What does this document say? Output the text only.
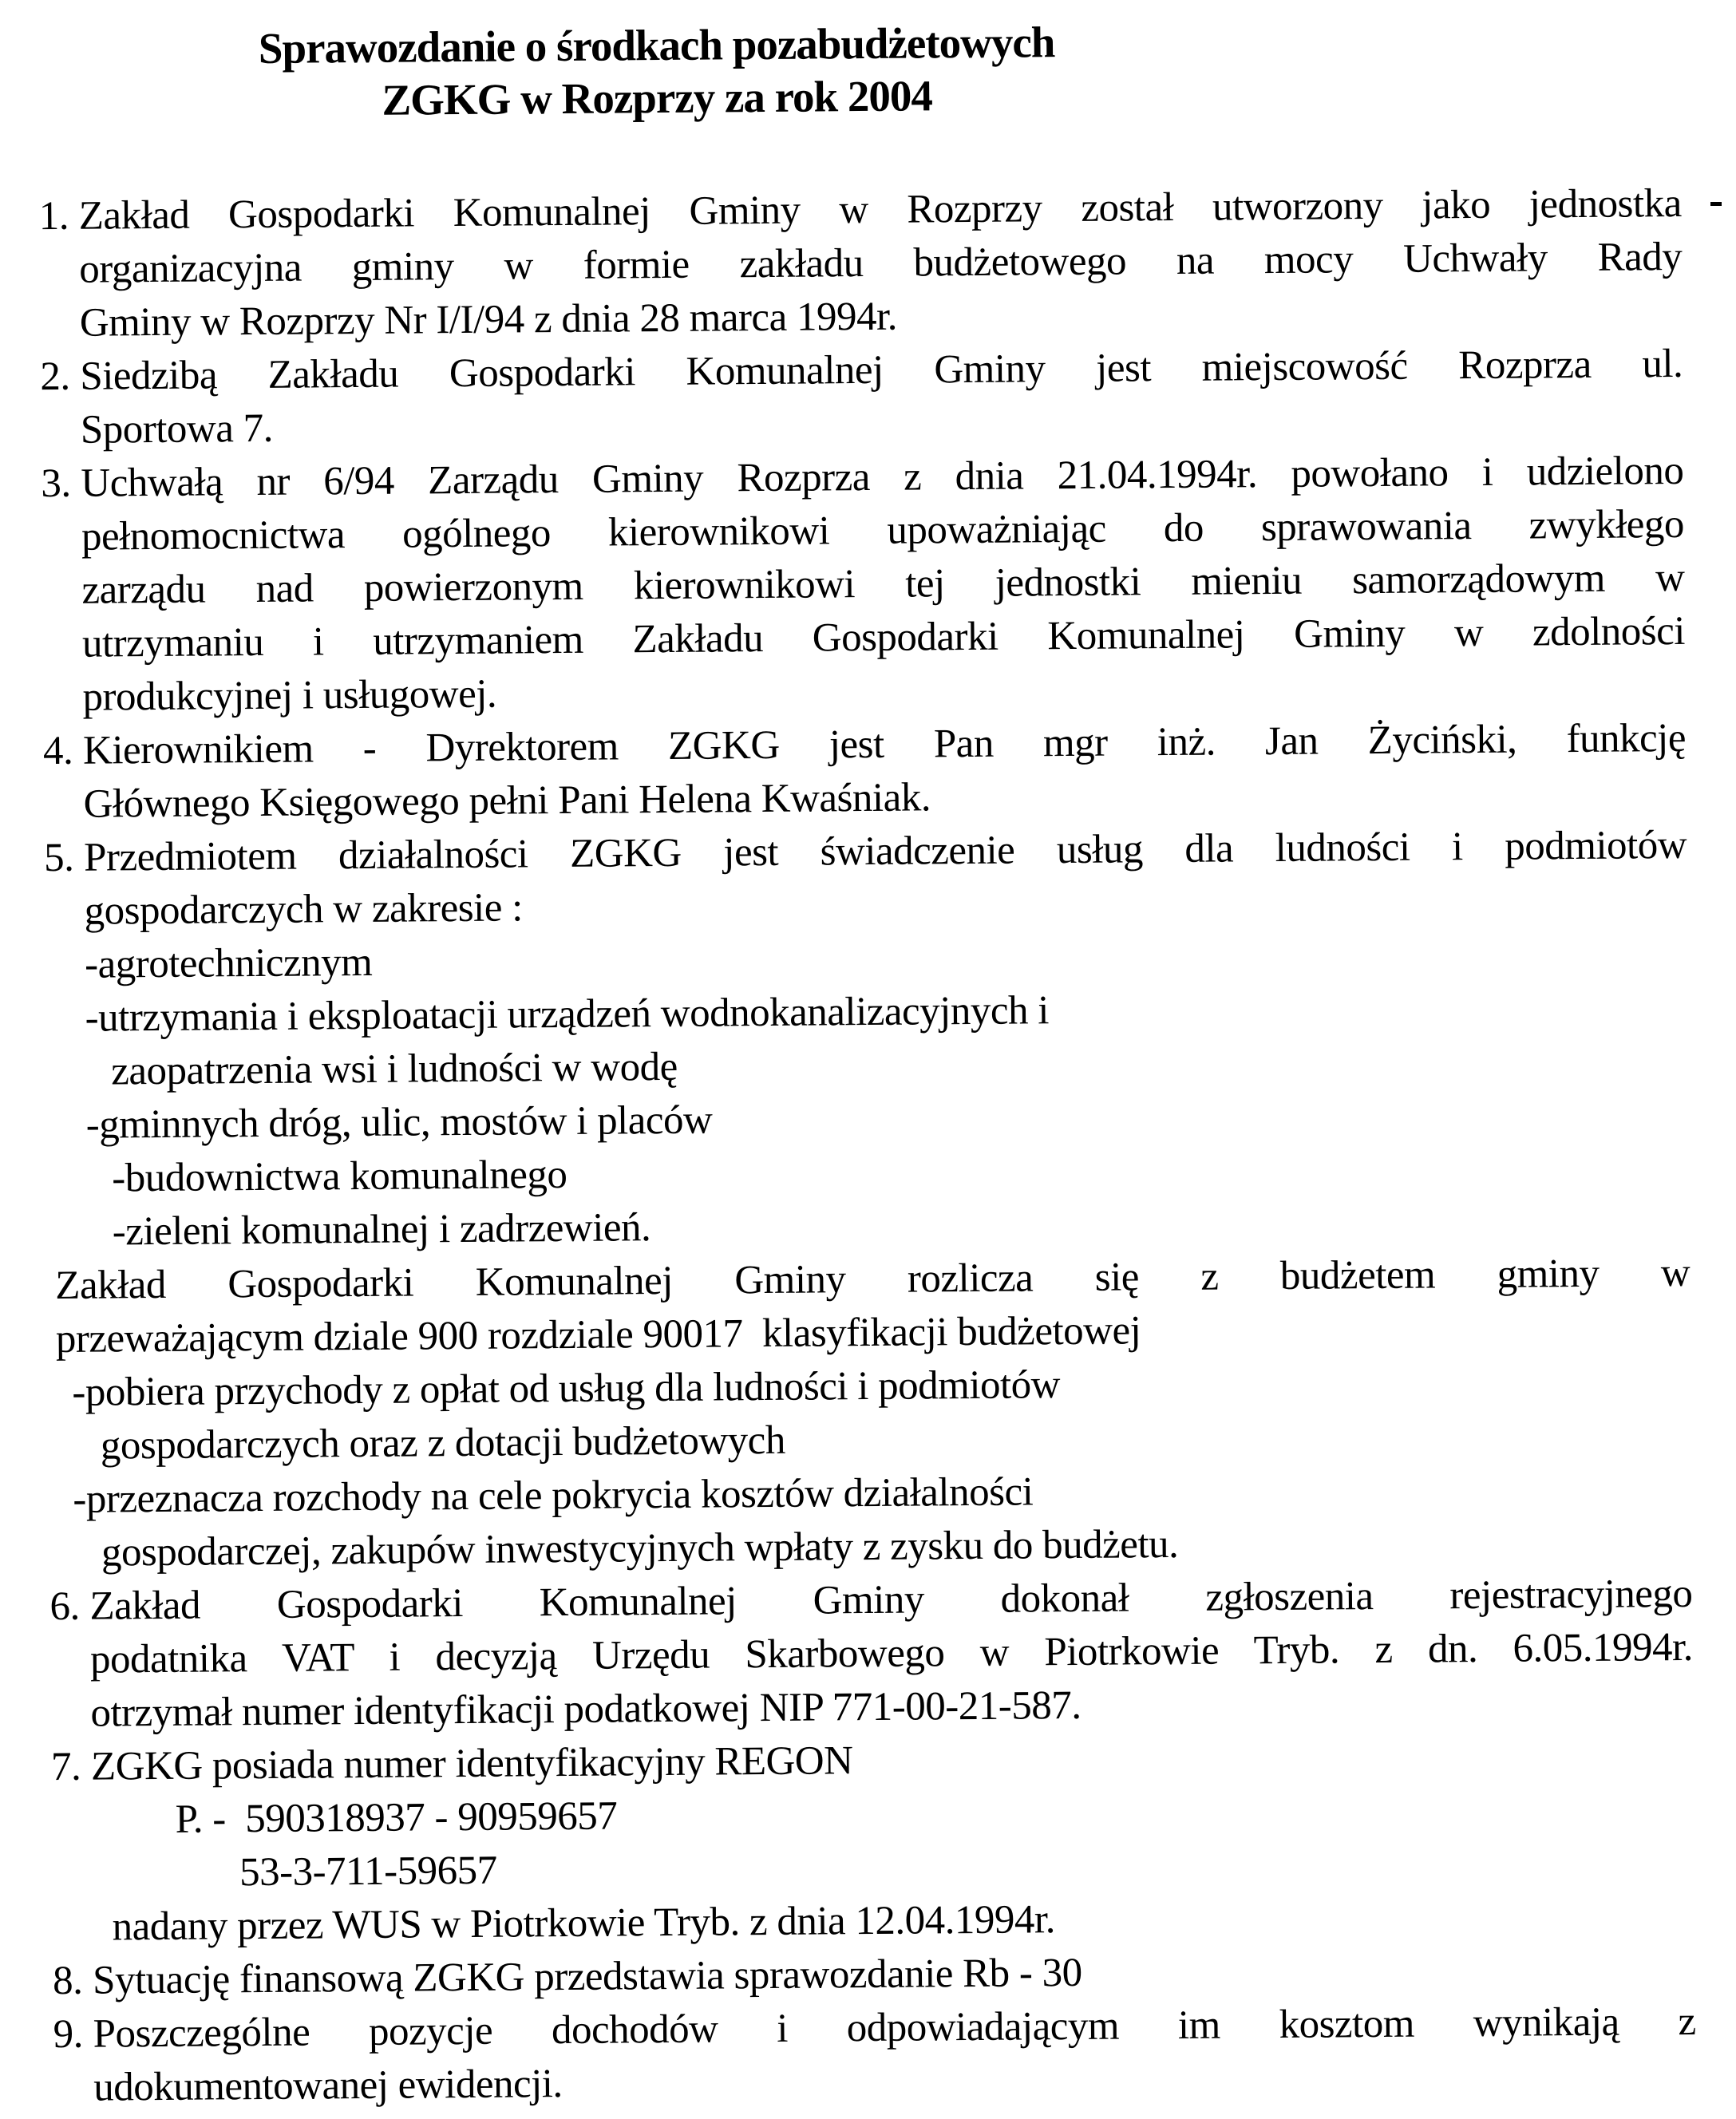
Sprawozdanie o środkach pozabudżetowych
ZGKG w Rozprzy za rok 2004
1. Zakład Gospodarki Komunalnej Gminy w Rozprzy został utworzony jako jednostka
organizacyjna gminy w formie zakładu budżetowego na mocy Uchwały Rady
Gminy w Rozprzy Nr I/I/94 z dnia 28 marca 1994r.
2. Siedzibą Zakładu Gospodarki Komunalnej Gminy jest miejscowość Rozprza ul.
Sportowa 7.
3. Uchwałą nr 6/94 Zarządu Gminy Rozprza z dnia 21.04.1994r. powołano i udzielono
pełnomocnictwa ogólnego kierownikowi upoważniając do sprawowania zwykłego
zarządu nad powierzonym kierownikowi tej jednostki mieniu samorządowym w
utrzymaniu i utrzymaniem Zakładu Gospodarki Komunalnej Gminy w zdolności
produkcyjnej i usługowej.
4. Kierownikiem - Dyrektorem ZGKG jest Pan mgr inż. Jan Życiński, funkcję
Głównego Księgowego pełni Pani Helena Kwaśniak.
5. Przedmiotem działalności ZGKG jest świadczenie usług dla ludności i podmiotów
gospodarczych w zakresie :
-agrotechnicznym
-utrzymania i eksploatacji urządzeń wodnokanalizacyjnych i
zaopatrzenia wsi i ludności w wodę
-gminnych dróg, ulic, mostów i placów
-budownictwa komunalnego
-zieleni komunalnej i zadrzewień.
Zakład Gospodarki Komunalnej Gminy rozlicza się z budżetem gminy w
przeważającym dziale 900 rozdziale 90017  klasyfikacji budżetowej
-pobiera przychody z opłat od usług dla ludności i podmiotów
gospodarczych oraz z dotacji budżetowych
-przeznacza rozchody na cele pokrycia kosztów działalności
gospodarczej, zakupów inwestycyjnych wpłaty z zysku do budżetu.
6. Zakład Gospodarki Komunalnej Gminy dokonał zgłoszenia rejestracyjnego
podatnika VAT i decyzją Urzędu Skarbowego w Piotrkowie Tryb. z dn. 6.05.1994r.
otrzymał numer identyfikacji podatkowej NIP 771-00-21-587.
7. ZGKG posiada numer identyfikacyjny REGON
P. -  590318937 - 90959657
53-3-711-59657
nadany przez WUS w Piotrkowie Tryb. z dnia 12.04.1994r.
8. Sytuację finansową ZGKG przedstawia sprawozdanie Rb - 30
9. Poszczególne pozycje dochodów i odpowiadającym im kosztom wynikają z
udokumentowanej ewidencji.
